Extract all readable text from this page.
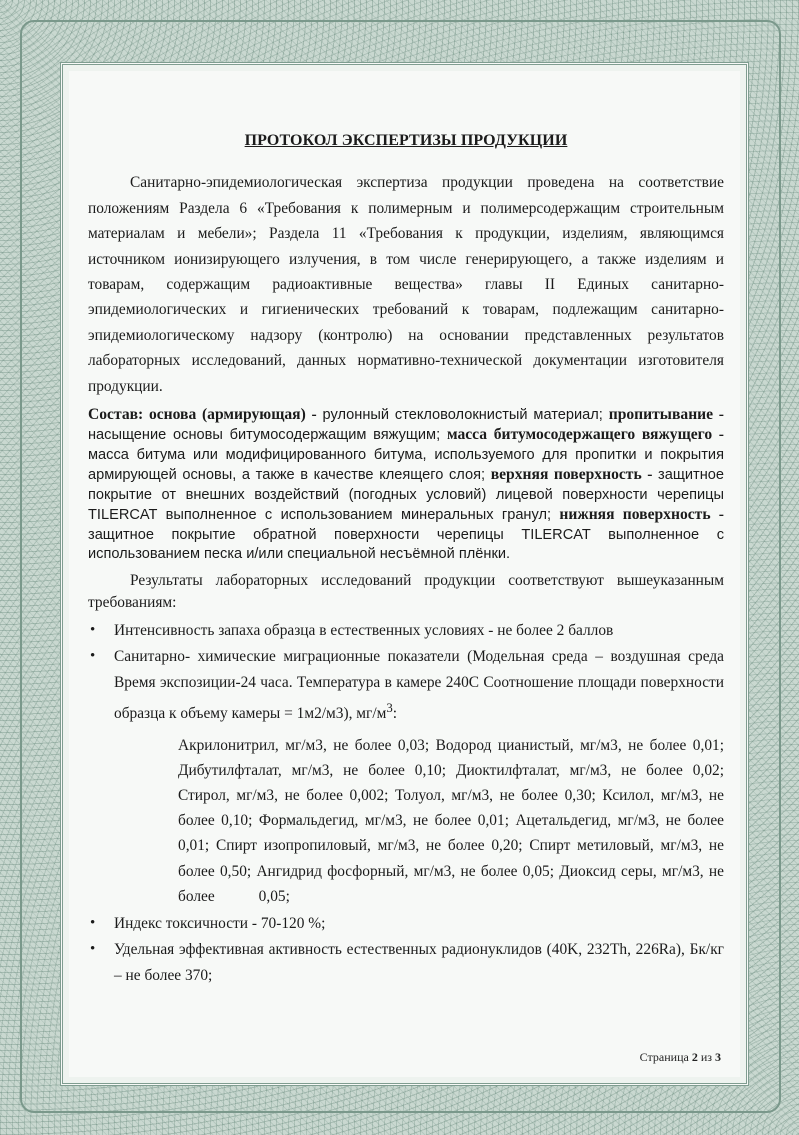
ПРОТОКОЛ ЭКСПЕРТИЗЫ ПРОДУКЦИИ

Санитарно-эпидемиологическая экспертиза продукции проведена на соответствие положениям Раздела 6 «Требования к полимерным и полимерсодержащим строительным материалам и мебели»; Раздела 11 «Требования к продукции, изделиям, являющимся источником ионизирующего излучения, в том числе генерирующего, а также изделиям и товарам, содержащим радиоактивные вещества» главы II Единых санитарно-эпидемиологических и гигиенических требований к товарам, подлежащим санитарно-эпидемиологическому надзору (контролю) на основании представленных результатов лабораторных исследований, данных нормативно-технической документации изготовителя продукции.

Состав: основа (армирующая) - рулонный стекловолокнистый материал; пропитывание - насыщение основы битумосодержащим вяжущим; масса битумосодержащего вяжущего - масса битума или модифицированного битума, используемого для пропитки и покрытия армирующей основы, а также в качестве клеящего слоя; верхняя поверхность - защитное покрытие от внешних воздействий (погодных условий) лицевой поверхности черепицы TILERCAT выполненное с использованием минеральных гранул; нижняя поверхность - защитное покрытие обратной поверхности черепицы TILERCAT выполненное с использованием песка и/или специальной несъёмной плёнки.

Результаты лабораторных исследований продукции соответствуют вышеуказанным требованиям:

• Интенсивность запаха образца в естественных условиях - не более 2 баллов
• Санитарно- химические миграционные показатели (Модельная среда – воздушная среда Время экспозиции-24 часа. Температура в камере 240С Соотношение площади поверхности образца к объему камеры = 1м2/м3), $мг/м^3$:
Акрилонитрил, мг/м3, не более 0,03; Водород цианистый, мг/м3, не более 0,01; Дибутилфталат, мг/м3, не более 0,10; Диоктилфталат, мг/м3, не более 0,02; Стирол, мг/м3, не более 0,002; Толуол, мг/м3, не более 0,30; Ксилол, мг/м3, не более 0,10; Формальдегид, мг/м3, не более 0,01; Ацетальдегид, мг/м3, не более 0,01; Спирт изопропиловый, мг/м3, не более 0,20; Спирт метиловый, мг/м3, не более 0,50; Ангидрид фосфорный, мг/м3, не более 0,05; Диоксид серы, мг/м3, не более	0,05;
• Индекс токсичности - 70-120 %;
• Удельная эффективная активность естественных радионуклидов (40K, 232Th, 226Ra), Бк/кг – не более 370;
Страница 2 из 3
